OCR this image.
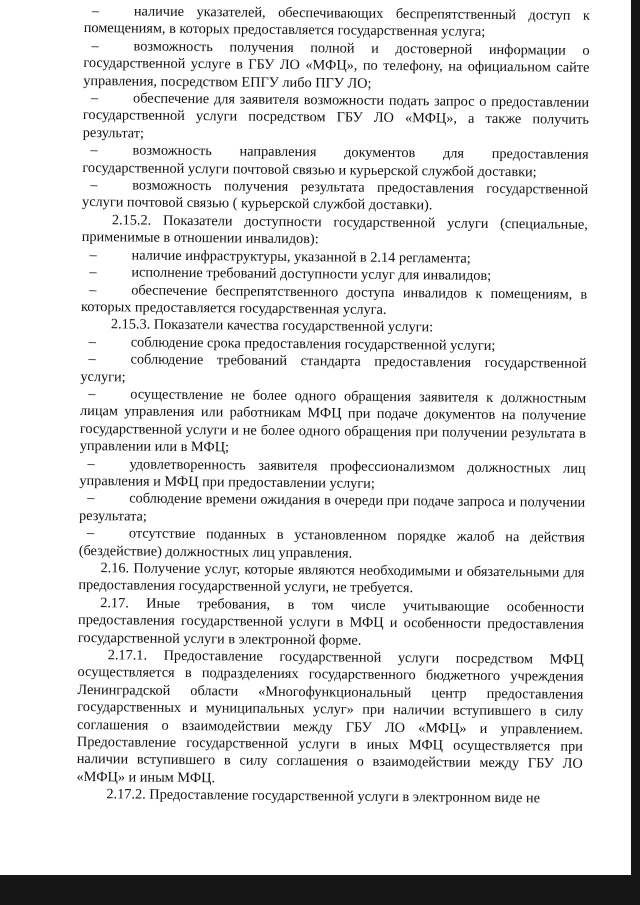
– наличие указателей, обеспечивающих беспрепятственный доступ к помещениям, в которых предоставляется государственная услуга;

– возможность получения полной и достоверной информации о государственной услуге в ГБУ ЛО «МФЦ», по телефону, на официальном сайте управления, посредством ЕПГУ либо ПГУ ЛО;

– обеспечение для заявителя возможности подать запрос о предоставлении государственной услуги посредством ГБУ ЛО «МФЦ», а также получить результат;

– возможность направления документов для предоставления государственной услуги почтовой связью и курьерской службой доставки;

– возможность получения результата предоставления государственной услуги почтовой связью ( курьерской службой доставки).

2.15.2. Показатели доступности государственной услуги (специальные, применимые в отношении инвалидов):

– наличие инфраструктуры, указанной в 2.14 регламента;

– исполнение требований доступности услуг для инвалидов;

– обеспечение беспрепятственного доступа инвалидов к помещениям, в которых предоставляется государственная услуга.

2.15.3. Показатели качества государственной услуги:

– соблюдение срока предоставления государственной услуги;

– соблюдение требований стандарта предоставления государственной услуги;

– осуществление не более одного обращения заявителя к должностным лицам управления или работникам МФЦ при подаче документов на получение государственной услуги и не более одного обращения при получении результата в управлении или в МФЦ;

– удовлетворенность заявителя профессионализмом должностных лиц управления и МФЦ при предоставлении услуги;

– соблюдение времени ожидания в очереди при подаче запроса и получении результата;

– отсутствие поданных в установленном порядке жалоб на действия (бездействие) должностных лиц управления.

2.16. Получение услуг, которые являются необходимыми и обязательными для предоставления государственной услуги, не требуется.

2.17. Иные требования, в том числе учитывающие особенности предоставления государственной услуги в МФЦ и особенности предоставления государственной услуги в электронной форме.

2.17.1. Предоставление государственной услуги посредством МФЦ осуществляется в подразделениях государственного бюджетного учреждения Ленинградской области «Многофункциональный центр предоставления государственных и муниципальных услуг» при наличии вступившего в силу соглашения о взаимодействии между ГБУ ЛО «МФЦ» и управлением. Предоставление государственной услуги в иных МФЦ осуществляется при наличии вступившего в силу соглашения о взаимодействии между ГБУ ЛО «МФЦ» и иным МФЦ.

2.17.2. Предоставление государственной услуги в электронном виде не
